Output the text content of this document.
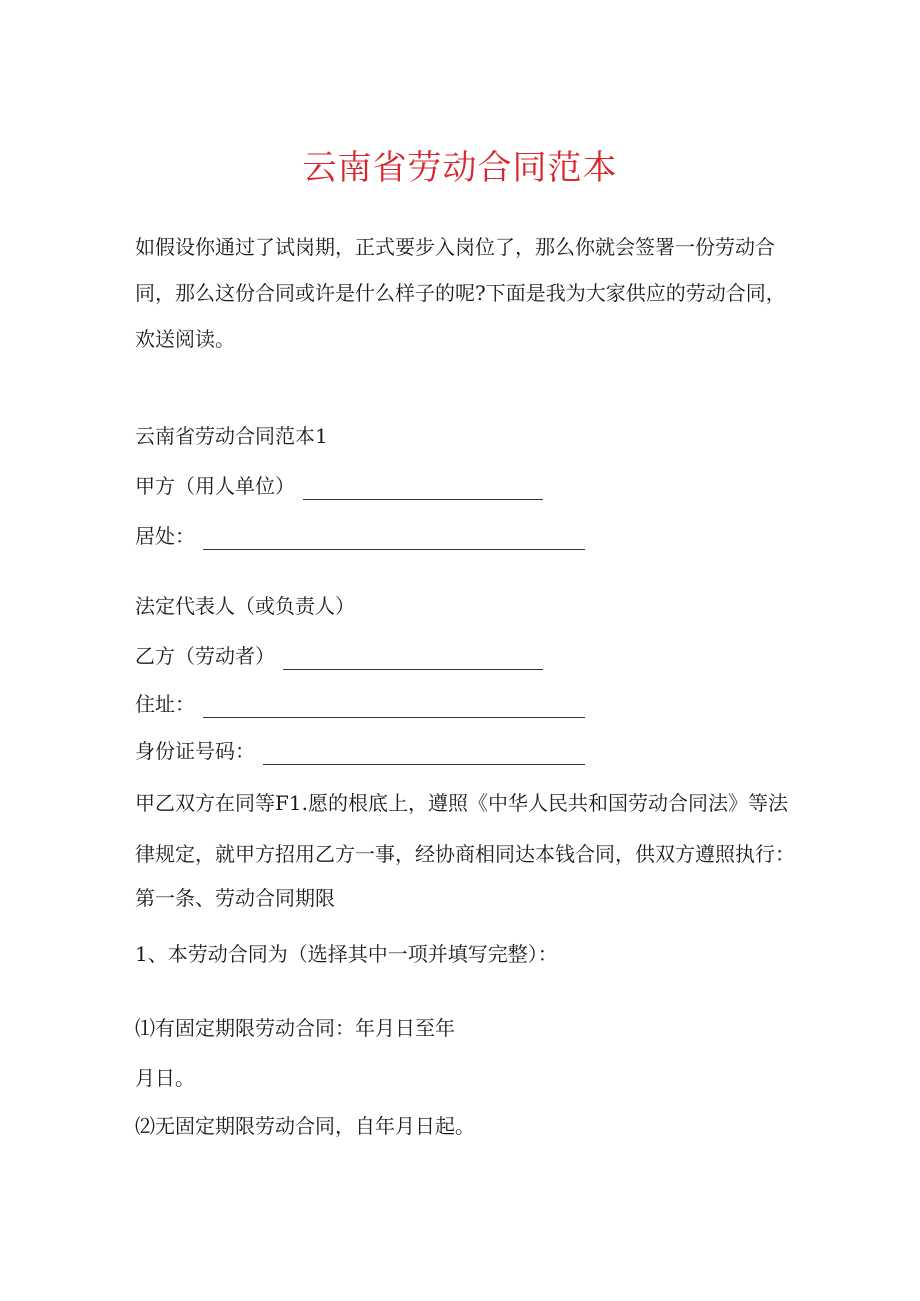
云南省劳动合同范本
如假设你通过了试岗期，正式要步入岗位了，那么你就会签署一份劳动合同，那么这份合同或许是什么样子的呢?下面是我为大家供应的劳动合同，欢送阅读。
云南省劳动合同范本1
甲方（用人单位）
居处：
法定代表人（或负责人）
乙方（劳动者）
住址：
身份证号码：
甲乙双方在同等F1.愿的根底上，遵照《中华人民共和国劳动合同法》等法律规定，就甲方招用乙方一事，经协商相同达本钱合同，供双方遵照执行：
第一条、劳动合同期限
1、本劳动合同为（选择其中一项并填写完整）：
⑴有固定期限劳动合同：年月日至年
月日。
⑵无固定期限劳动合同，自年月日起。
